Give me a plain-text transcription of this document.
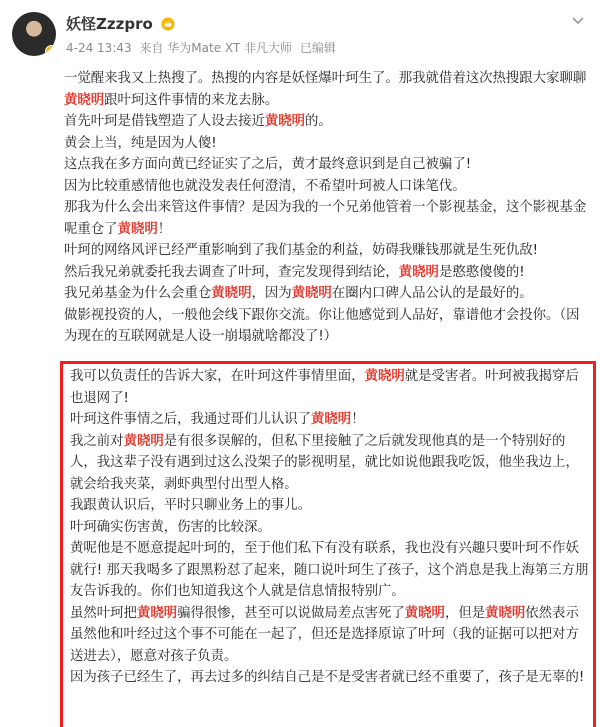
妖怪Zzzpro
4-24 13:43 来自 华为Mate XT 非凡大师 已编辑

一觉醒来我又上热搜了。热搜的内容是妖怪爆叶珂生了。那我就借着这次热搜跟大家聊聊黄晓明跟叶珂这件事情的来龙去脉。

首先叶珂是借钱塑造了人设去接近黄晓明的。

黄会上当，纯是因为人傻!

这点我在多方面向黄已经证实了之后，黄才最终意识到是自己被骗了!

因为比较重感情他也就没发表任何澄清，不希望叶珂被人口诛笔伐。

那我为什么会出来管这件事情？是因为我的一个兄弟他管着一个影视基金，这个影视基金呢重仓了黄晓明！

叶珂的网络风评已经严重影响到了我们基金的利益，妨碍我赚钱那就是生死仇敌!

然后我兄弟就委托我去调查了叶珂，查完发现得到结论，黄晓明是憨憨傻傻的!

我兄弟基金为什么会重仓黄晓明，因为黄晓明在圈内口碑人品公认的是最好的。

做影视投资的人，一般他会线下跟你交流。你让他感觉到人品好，靠谱他才会投你。（因为现在的互联网就是人设一崩塌就啥都没了!）

我可以负责任的告诉大家，在叶珂这件事情里面，黄晓明就是受害者。叶珂被我揭穿后也退网了!

叶珂这件事情之后，我通过哥们儿认识了黄晓明！

我之前对黄晓明是有很多误解的，但私下里接触了之后就发现他真的是一个特别好的人，我这辈子没有遇到过这么没架子的影视明星，就比如说他跟我吃饭，他坐我边上，就会给我夹菜，剥虾典型付出型人格。

我跟黄认识后，平时只聊业务上的事儿。

叶珂确实伤害黄，伤害的比较深。

黄呢他是不愿意提起叶珂的，至于他们私下有没有联系，我也没有兴趣只要叶珂不作妖就行! 那天我喝多了跟黑粉怼了起来，随口说叶珂生了孩子，这个消息是我上海第三方朋友告诉我的。你们也知道我这个人就是信息情报特别广。

虽然叶珂把黄晓明骗得很惨，甚至可以说做局差点害死了黄晓明，但是黄晓明依然表示虽然他和叶经过这个事不可能在一起了，但还是选择原谅了叶珂（我的证据可以把对方送进去），愿意对孩子负责。

因为孩子已经生了，再去过多的纠结自己是不是受害者就已经不重要了，孩子是无辜的!
